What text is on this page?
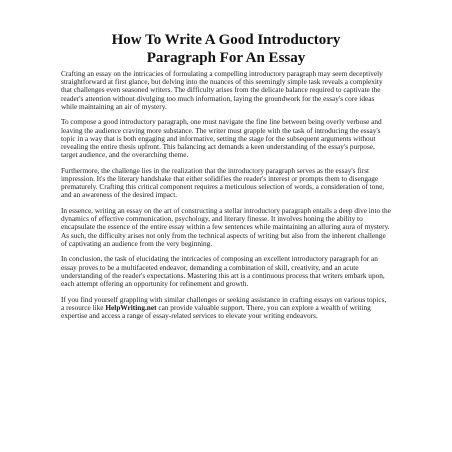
How To Write A Good Introductory
Paragraph For An Essay

Crafting an essay on the intricacies of formulating a compelling introductory paragraph may seem deceptively straightforward at first glance, but delving into the nuances of this seemingly simple task reveals a complexity that challenges even seasoned writers. The difficulty arises from the delicate balance required to captivate the reader's attention without divulging too much information, laying the groundwork for the essay's core ideas while maintaining an air of mystery.

To compose a good introductory paragraph, one must navigate the fine line between being overly verbose and leaving the audience craving more substance. The writer must grapple with the task of introducing the essay's topic in a way that is both engaging and informative, setting the stage for the subsequent arguments without revealing the entire thesis upfront. This balancing act demands a keen understanding of the essay's purpose, target audience, and the overarching theme.

Furthermore, the challenge lies in the realization that the introductory paragraph serves as the essay's first impression. It's the literary handshake that either solidifies the reader's interest or prompts them to disengage prematurely. Crafting this critical component requires a meticulous selection of words, a consideration of tone, and an awareness of the desired impact.

In essence, writing an essay on the art of constructing a stellar introductory paragraph entails a deep dive into the dynamics of effective communication, psychology, and literary finesse. It involves honing the ability to encapsulate the essence of the entire essay within a few sentences while maintaining an alluring aura of mystery. As such, the difficulty arises not only from the technical aspects of writing but also from the inherent challenge of captivating an audience from the very beginning.

In conclusion, the task of elucidating the intricacies of composing an excellent introductory paragraph for an essay proves to be a multifaceted endeavor, demanding a combination of skill, creativity, and an acute understanding of the reader's expectations. Mastering this art is a continuous process that writers embark upon, each attempt offering an opportunity for refinement and growth.

If you find yourself grappling with similar challenges or seeking assistance in crafting essays on various topics, a resource like HelpWriting.net can provide valuable support. There, you can explore a wealth of writing expertise and access a range of essay-related services to elevate your writing endeavors.
